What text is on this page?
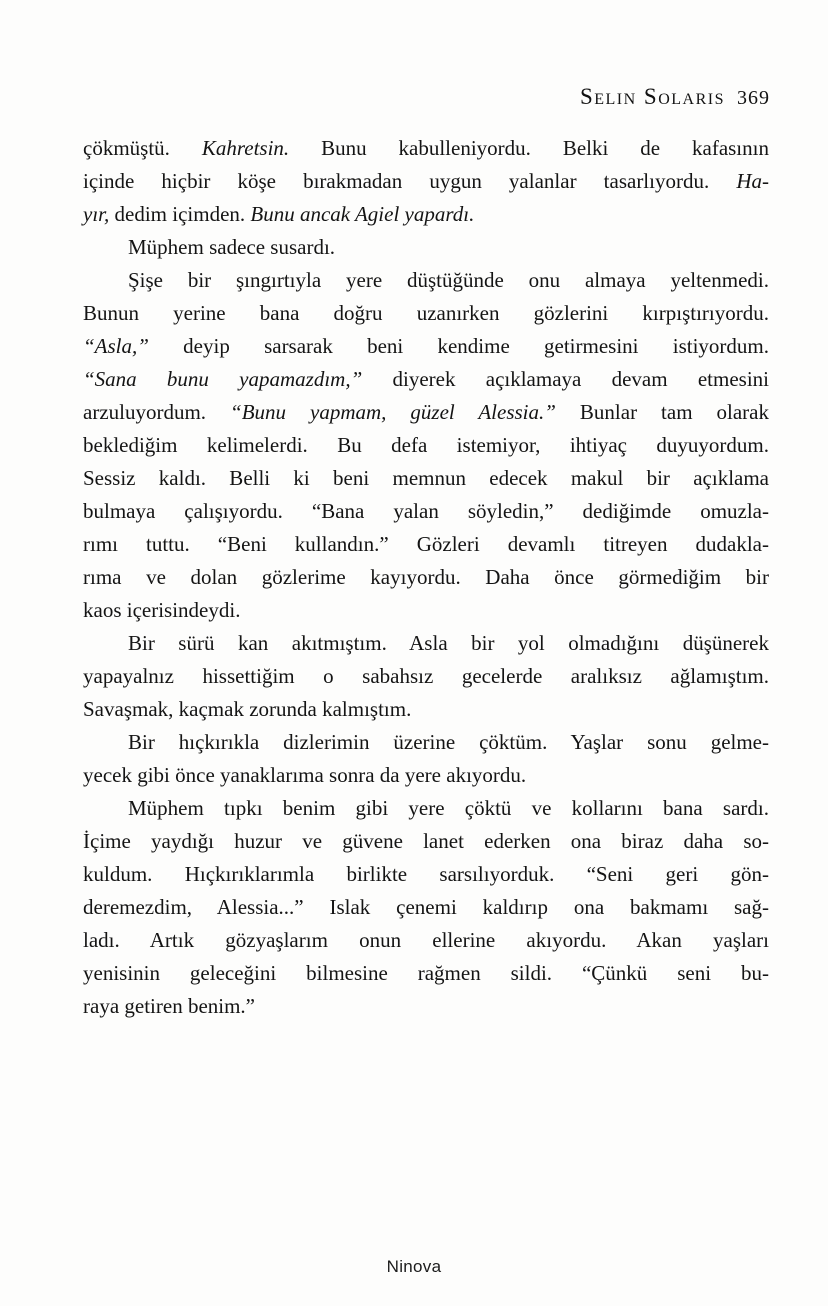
Selin Solaris 369
çökmüştü. Kahretsin. Bunu kabulleniyordu. Belki de kafasının
içinde hiçbir köşe bırakmadan uygun yalanlar tasarlıyordu. Ha-
yır, dedim içimden. Bunu ancak Agiel yapardı.
Müphem sadece susardı.
Şişe bir şıngırtıyla yere düştüğünde onu almaya yeltenmedi.
Bunun yerine bana doğru uzanırken gözlerini kırpıştırıyordu.
“Asla,” deyip sarsarak beni kendime getirmesini istiyordum.
“Sana bunu yapamazdım,” diyerek açıklamaya devam etmesini
arzuluyordum. “Bunu yapmam, güzel Alessia.” Bunlar tam olarak
beklediğim kelimelerdi. Bu defa istemiyor, ihtiyaç duyuyordum.
Sessiz kaldı. Belli ki beni memnun edecek makul bir açıklama
bulmaya çalışıyordu. “Bana yalan söyledin,” dediğimde omuzla-
rımı tuttu. “Beni kullandın.” Gözleri devamlı titreyen dudakla-
rıma ve dolan gözlerime kayıyordu. Daha önce görmediğim bir
kaos içerisindeydi.
Bir sürü kan akıtmıştım. Asla bir yol olmadığını düşünerek
yapayalnız hissettiğim o sabahsız gecelerde aralıksız ağlamıştım.
Savaşmak, kaçmak zorunda kalmıştım.
Bir hıçkırıkla dizlerimin üzerine çöktüm. Yaşlar sonu gelme-
yecek gibi önce yanaklarıma sonra da yere akıyordu.
Müphem tıpkı benim gibi yere çöktü ve kollarını bana sardı.
İçime yaydığı huzur ve güvene lanet ederken ona biraz daha so-
kuldum. Hıçkırıklarımla birlikte sarsılıyorduk. “Seni geri gön-
deremezdim, Alessia...” Islak çenemi kaldırıp ona bakmamı sağ-
ladı. Artık gözyaşlarım onun ellerine akıyordu. Akan yaşları
yenisinin geleceğini bilmesine rağmen sildi. “Çünkü seni bu-
raya getiren benim.”
Ninova
